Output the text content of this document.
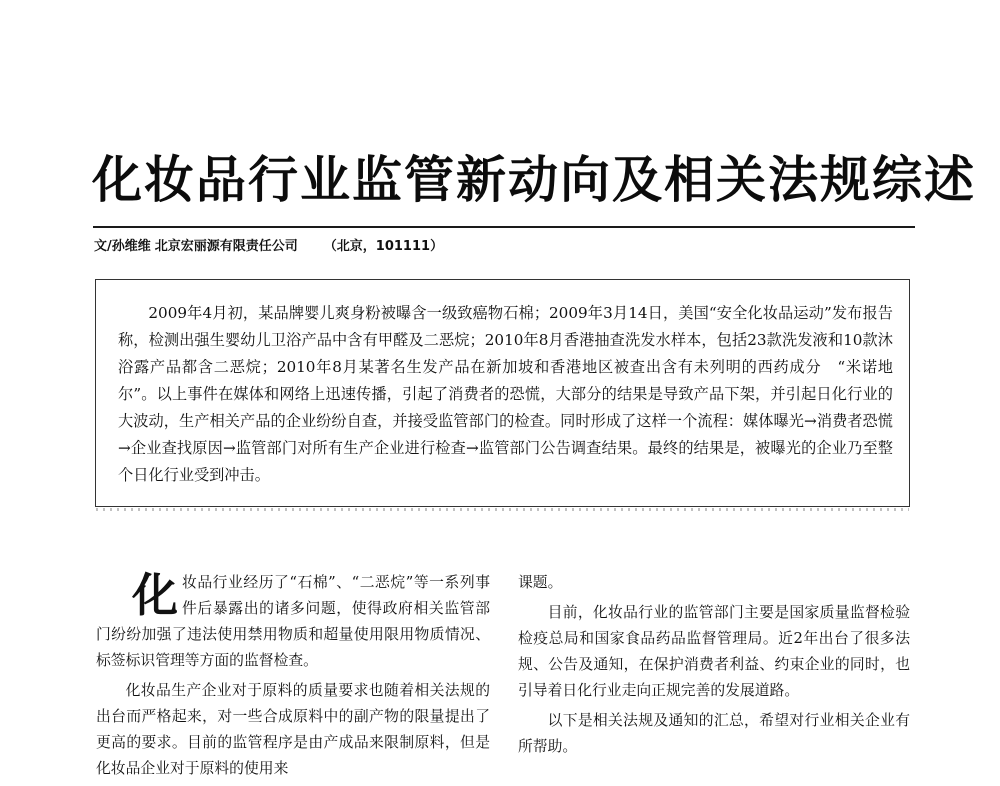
化妆品行业监管新动向及相关法规综述
文/孙维维 北京宏丽源有限责任公司 （北京，101111）

2009年4月初，某品牌婴儿爽身粉被曝含一级致癌物石棉；2009年3月14日，美国“安全化妆品运动”发布报告称，检测出强生婴幼儿卫浴产品中含有甲醛及二恶烷；2010年8月香港抽查洗发水样本，包括23款洗发液和10款沐浴露产品都含二恶烷；2010年8月某著名生发产品在新加坡和香港地区被查出含有未列明的西药成分　“米诺地尔”。以上事件在媒体和网络上迅速传播，引起了消费者的恐慌，大部分的结果是导致产品下架，并引起日化行业的大波动，生产相关产品的企业纷纷自查，并接受监管部门的检查。同时形成了这样一个流程：媒体曝光→消费者恐慌→企业查找原因→监管部门对所有生产企业进行检查→监管部门公告调查结果。最终的结果是，被曝光的企业乃至整个日化行业受到冲击。

化妆品行业经历了“石棉”、“二恶烷”等一系列事件后暴露出的诸多问题，使得政府相关监管部门纷纷加强了违法使用禁用物质和超量使用限用物质情况、标签标识管理等方面的监督检查。

化妆品生产企业对于原料的质量要求也随着相关法规的出台而严格起来，对一些合成原料中的副产物的限量提出了更高的要求。目前的监管程序是由产成品来限制原料，但是化妆品企业对于原料的使用来

课题。

目前，化妆品行业的监管部门主要是国家质量监督检验检疫总局和国家食品药品监督管理局。近2年出台了很多法规、公告及通知，在保护消费者利益、约束企业的同时，也引导着日化行业走向正规完善的发展道路。

以下是相关法规及通知的汇总，希望对行业相关企业有所帮助。
